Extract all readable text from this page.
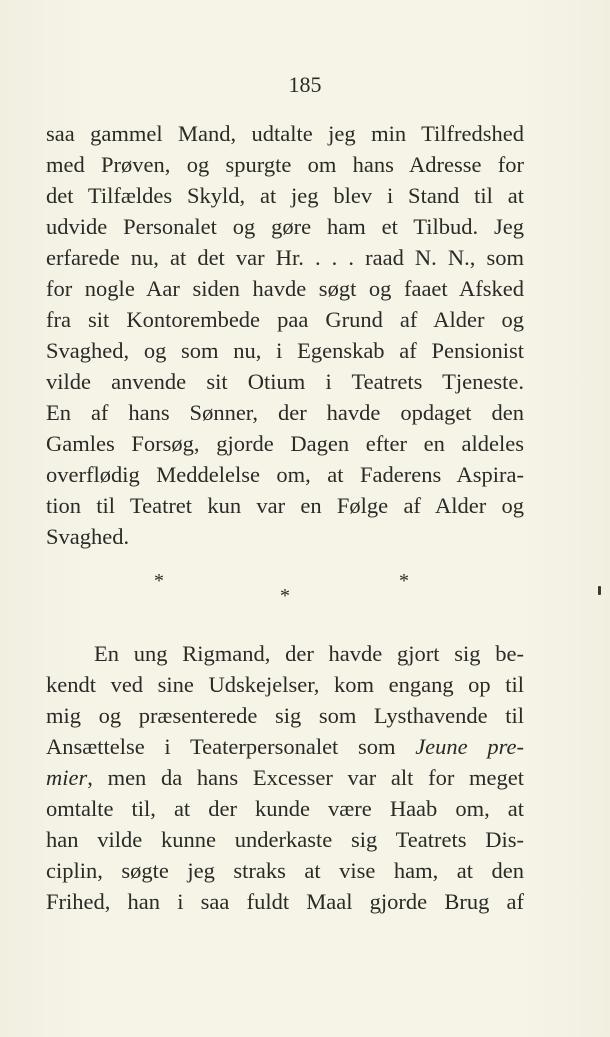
185
saa gammel Mand, udtalte jeg min Tilfredshed
med Prøven, og spurgte om hans Adresse for
det Tilfældes Skyld, at jeg blev i Stand til at
udvide Personalet og gøre ham et Tilbud. Jeg
erfarede nu, at det var Hr. . . . raad N. N., som
for nogle Aar siden havde søgt og faaet Afsked
fra sit Kontorembede paa Grund af Alder og
Svaghed, og som nu, i Egenskab af Pensionist
vilde anvende sit Otium i Teatrets Tjeneste.
En af hans Sønner, der havde opdaget den
Gamles Forsøg, gjorde Dagen efter en aldeles
overflødig Meddelelse om, at Faderens Aspira-
tion til Teatret kun var en Følge af Alder og
Svaghed.
*
*
*
En ung Rigmand, der havde gjort sig be-
kendt ved sine Udskejelser, kom engang op til
mig og præsenterede sig som Lysthavende til
Ansættelse i Teaterpersonalet som Jeune pre-
mier, men da hans Excesser var alt for meget
omtalte til, at der kunde være Haab om, at
han vilde kunne underkaste sig Teatrets Dis-
ciplin, søgte jeg straks at vise ham, at den
Frihed, han i saa fuldt Maal gjorde Brug af
